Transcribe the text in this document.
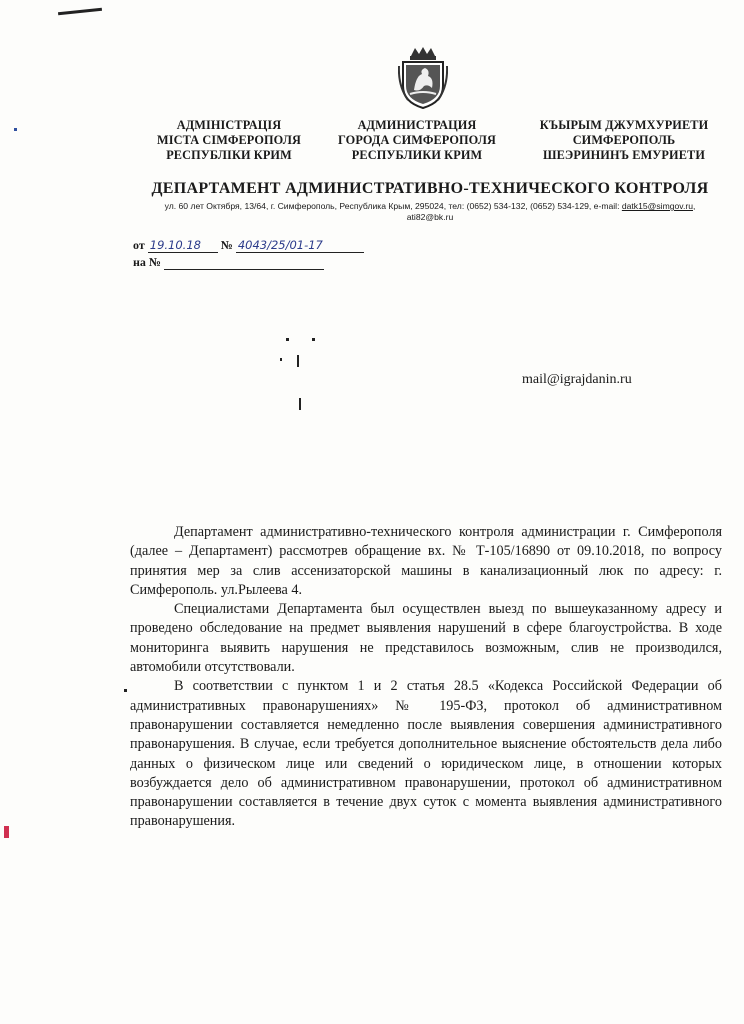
АДМІНІСТРАЦІЯ
МІСТА СІМФЕРОПОЛЯ
РЕСПУБЛІКИ КРИМ
АДМИНИСТРАЦИЯ
ГОРОДА СИМФЕРОПОЛЯ
РЕСПУБЛИКИ КРИМ
КЪЫРЫМ ДЖУМХУРИЕТИ
СИМФЕРОПОЛЬ
ШЕЭРИНИНЪ ЕМУРИЕТИ
ДЕПАРТАМЕНТ АДМИНИСТРАТИВНО-ТЕХНИЧЕСКОГО КОНТРОЛЯ
ул. 60 лет Октября, 13/64, г. Симферополь, Республика Крым, 295024, тел: (0652) 534-132, (0652) 534-129, e-mail: datk15@simgov.ru,
ati82@bk.ru
от 19.10.18 № 4043/25/01-17
на №
mail@igrajdanin.ru

Департамент административно-технического контроля администрации г. Симферополя (далее – Департамент) рассмотрев обращение вх. № Т-105/16890 от 09.10.2018, по вопросу принятия мер за слив ассенизаторской машины в канализационный люк по адресу: г. Симферополь. ул.Рылеева 4.

Специалистами Департамента был осуществлен выезд по вышеуказанному адресу и проведено обследование на предмет выявления нарушений в сфере благоустройства. В ходе мониторинга выявить нарушения не представилось возможным, слив не производился, автомобили отсутствовали.

В соответствии с пунктом 1 и 2 статья 28.5 «Кодекса Российской Федерации об административных правонарушениях» № 195-ФЗ, протокол об административном правонарушении составляется немедленно после выявления совершения административного правонарушения. В случае, если требуется дополнительное выяснение обстоятельств дела либо данных о физическом лице или сведений о юридическом лице, в отношении которых возбуждается дело об административном правонарушении, протокол об административном правонарушении составляется в течение двух суток с момента выявления административного правонарушения.
